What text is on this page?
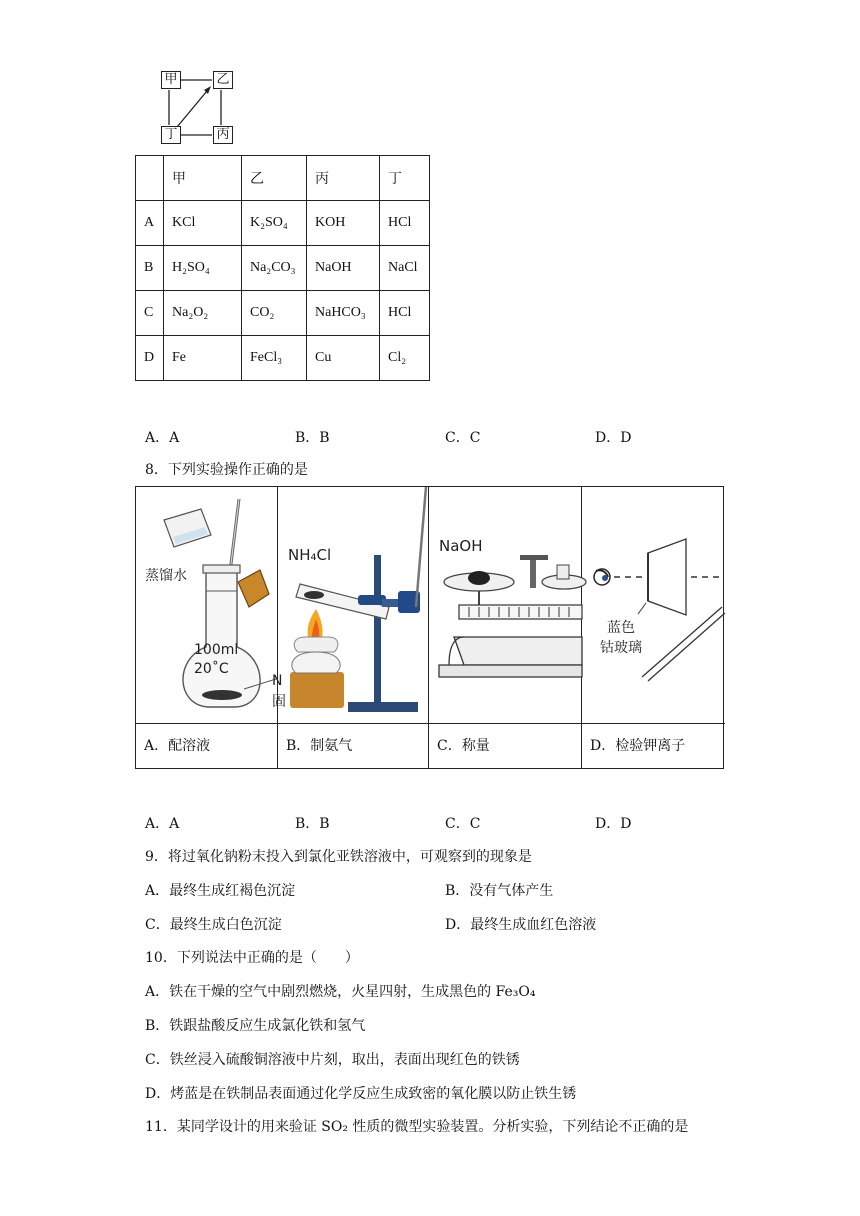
甲	乙
丁	丙
	甲	乙	丙	丁
A	KCl	K₂SO₄	KOH	HCl
B	H₂SO₄	Na₂CO₃	NaOH	NaCl
C	Na₂O₂	CO₂	NaHCO₃	HCl
D	Fe	FeCl₃	Cu	Cl₂
A．A	B．B	C．C	D．D
8．下列实验操作正确的是
蒸馏水
100ml
20˚C
N
固
NH₄Cl	NaOH
蓝色
钴玻璃
A．配溶液	B．制氨气	C．称量	D．检验钾离子
A．A	B．B	C．C	D．D
9．将过氧化钠粉末投入到氯化亚铁溶液中，可观察到的现象是
A．最终生成红褐色沉淀	B．没有气体产生
C．最终生成白色沉淀	D．最终生成血红色溶液
10．下列说法中正确的是（　　）
A．铁在干燥的空气中剧烈燃烧，火星四射，生成黑色的 Fe₃O₄
B．铁跟盐酸反应生成氯化铁和氢气
C．铁丝浸入硫酸铜溶液中片刻，取出，表面出现红色的铁锈
D．烤蓝是在铁制品表面通过化学反应生成致密的氧化膜以防止铁生锈
11．某同学设计的用来验证 SO₂ 性质的微型实验装置。分析实验，下列结论不正确的是
